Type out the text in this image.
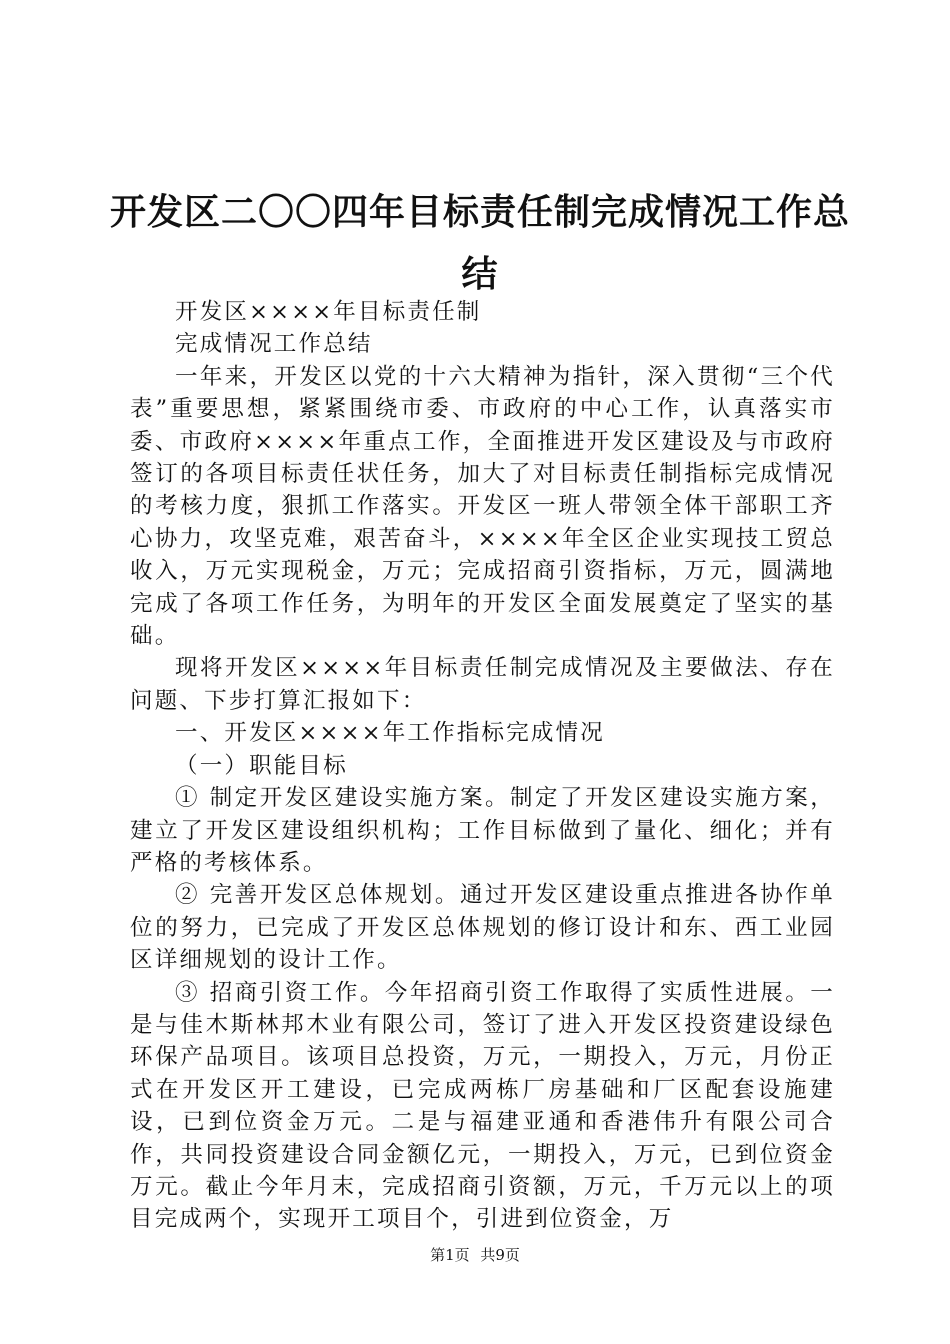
开发区二〇〇四年目标责任制完成情况工作总结

开发区××××年目标责任制

完成情况工作总结

一年来，开发区以党的十六大精神为指针，深入贯彻“三个代表”重要思想，紧紧围绕市委、市政府的中心工作，认真落实市委、市政府××××年重点工作，全面推进开发区建设及与市政府签订的各项目标责任状任务，加大了对目标责任制指标完成情况的考核力度，狠抓工作落实。开发区一班人带领全体干部职工齐心协力，攻坚克难，艰苦奋斗，××××年全区企业实现技工贸总收入，万元实现税金，万元；完成招商引资指标，万元，圆满地完成了各项工作任务，为明年的开发区全面发展奠定了坚实的基础。

现将开发区××××年目标责任制完成情况及主要做法、存在问题、下步打算汇报如下：

一、开发区××××年工作指标完成情况

（一）职能目标

① 制定开发区建设实施方案。制定了开发区建设实施方案，建立了开发区建设组织机构；工作目标做到了量化、细化；并有严格的考核体系。

② 完善开发区总体规划。通过开发区建设重点推进各协作单位的努力，已完成了开发区总体规划的修订设计和东、西工业园区详细规划的设计工作。

③ 招商引资工作。今年招商引资工作取得了实质性进展。一是与佳木斯林邦木业有限公司，签订了进入开发区投资建设绿色环保产品项目。该项目总投资，万元，一期投入，万元，月份正式在开发区开工建设，已完成两栋厂房基础和厂区配套设施建设，已到位资金万元。二是与福建亚通和香港伟升有限公司合作，共同投资建设合同金额亿元，一期投入，万元，已到位资金万元。截止今年月末，完成招商引资额，万元，千万元以上的项目完成两个，实现开工项目个，引进到位资金，万

第1页 共9页
